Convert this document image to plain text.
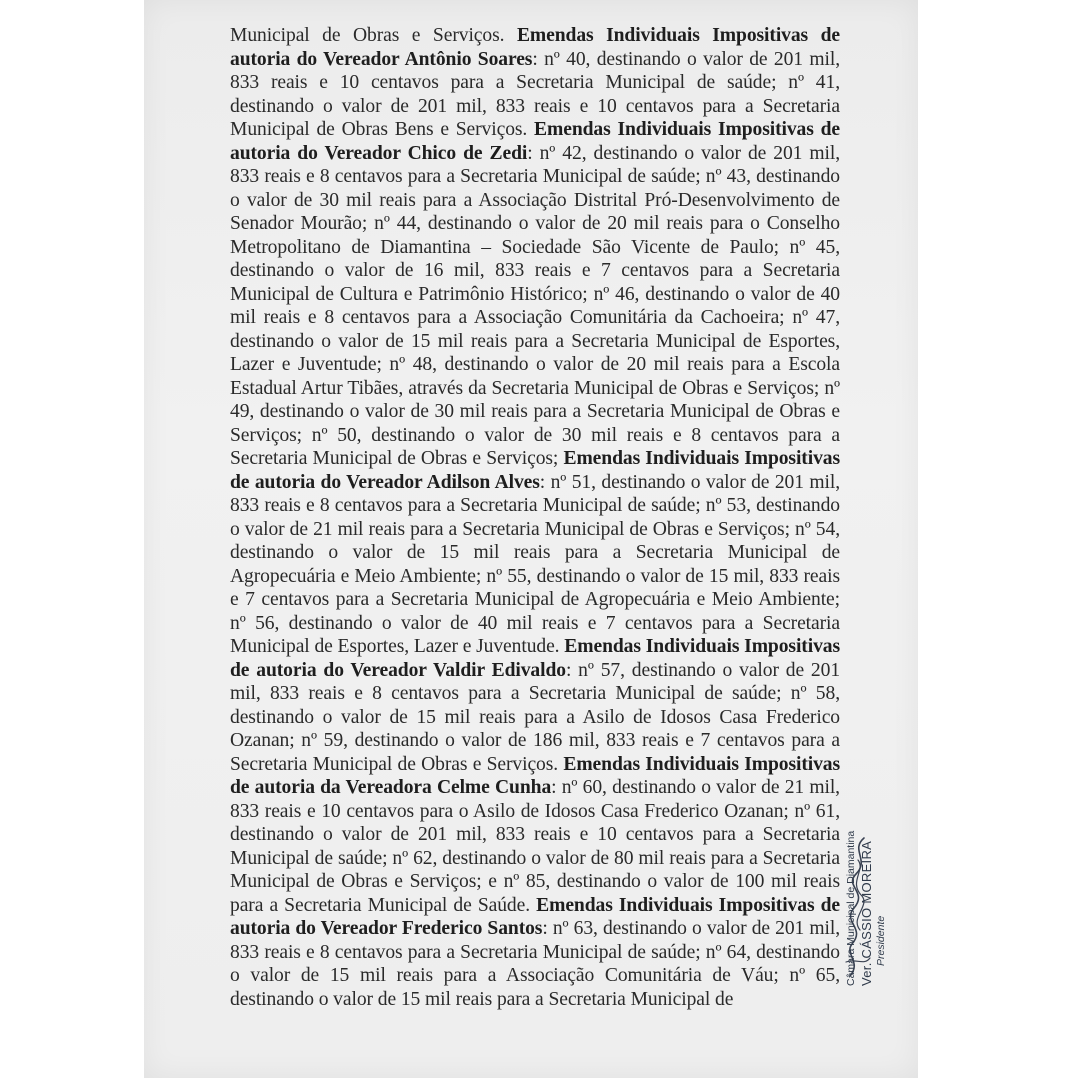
Municipal de Obras e Serviços. Emendas Individuais Impositivas de autoria do Vereador Antônio Soares: nº 40, destinando o valor de 201 mil, 833 reais e 10 centavos para a Secretaria Municipal de saúde; nº 41, destinando o valor de 201 mil, 833 reais e 10 centavos para a Secretaria Municipal de Obras Bens e Serviços. Emendas Individuais Impositivas de autoria do Vereador Chico de Zedi: nº 42, destinando o valor de 201 mil, 833 reais e 8 centavos para a Secretaria Municipal de saúde; nº 43, destinando o valor de 30 mil reais para a Associação Distrital Pró-Desenvolvimento de Senador Mourão; nº 44, destinando o valor de 20 mil reais para o Conselho Metropolitano de Diamantina – Sociedade São Vicente de Paulo; nº 45, destinando o valor de 16 mil, 833 reais e 7 centavos para a Secretaria Municipal de Cultura e Patrimônio Histórico; nº 46, destinando o valor de 40 mil reais e 8 centavos para a Associação Comunitária da Cachoeira; nº 47, destinando o valor de 15 mil reais para a Secretaria Municipal de Esportes, Lazer e Juventude; nº 48, destinando o valor de 20 mil reais para a Escola Estadual Artur Tibães, através da Secretaria Municipal de Obras e Serviços; nº 49, destinando o valor de 30 mil reais para a Secretaria Municipal de Obras e Serviços; nº 50, destinando o valor de 30 mil reais e 8 centavos para a Secretaria Municipal de Obras e Serviços; Emendas Individuais Impositivas de autoria do Vereador Adilson Alves: nº 51, destinando o valor de 201 mil, 833 reais e 8 centavos para a Secretaria Municipal de saúde; nº 53, destinando o valor de 21 mil reais para a Secretaria Municipal de Obras e Serviços; nº 54, destinando o valor de 15 mil reais para a Secretaria Municipal de Agropecuária e Meio Ambiente; nº 55, destinando o valor de 15 mil, 833 reais e 7 centavos para a Secretaria Municipal de Agropecuária e Meio Ambiente; nº 56, destinando o valor de 40 mil reais e 7 centavos para a Secretaria Municipal de Esportes, Lazer e Juventude. Emendas Individuais Impositivas de autoria do Vereador Valdir Edivaldo: nº 57, destinando o valor de 201 mil, 833 reais e 8 centavos para a Secretaria Municipal de saúde; nº 58, destinando o valor de 15 mil reais para a Asilo de Idosos Casa Frederico Ozanan; nº 59, destinando o valor de 186 mil, 833 reais e 7 centavos para a Secretaria Municipal de Obras e Serviços. Emendas Individuais Impositivas de autoria da Vereadora Celme Cunha: nº 60, destinando o valor de 21 mil, 833 reais e 10 centavos para o Asilo de Idosos Casa Frederico Ozanan; nº 61, destinando o valor de 201 mil, 833 reais e 10 centavos para a Secretaria Municipal de saúde; nº 62, destinando o valor de 80 mil reais para a Secretaria Municipal de Obras e Serviços; e nº 85, destinando o valor de 100 mil reais para a Secretaria Municipal de Saúde. Emendas Individuais Impositivas de autoria do Vereador Frederico Santos: nº 63, destinando o valor de 201 mil, 833 reais e 8 centavos para a Secretaria Municipal de saúde; nº 64, destinando o valor de 15 mil reais para a Associação Comunitária de Váu; nº 65, destinando o valor de 15 mil reais para a Secretaria Municipal de
Câmara Municipal de Diamantina Ver. CÁSSIO MOREIRA Presidente
